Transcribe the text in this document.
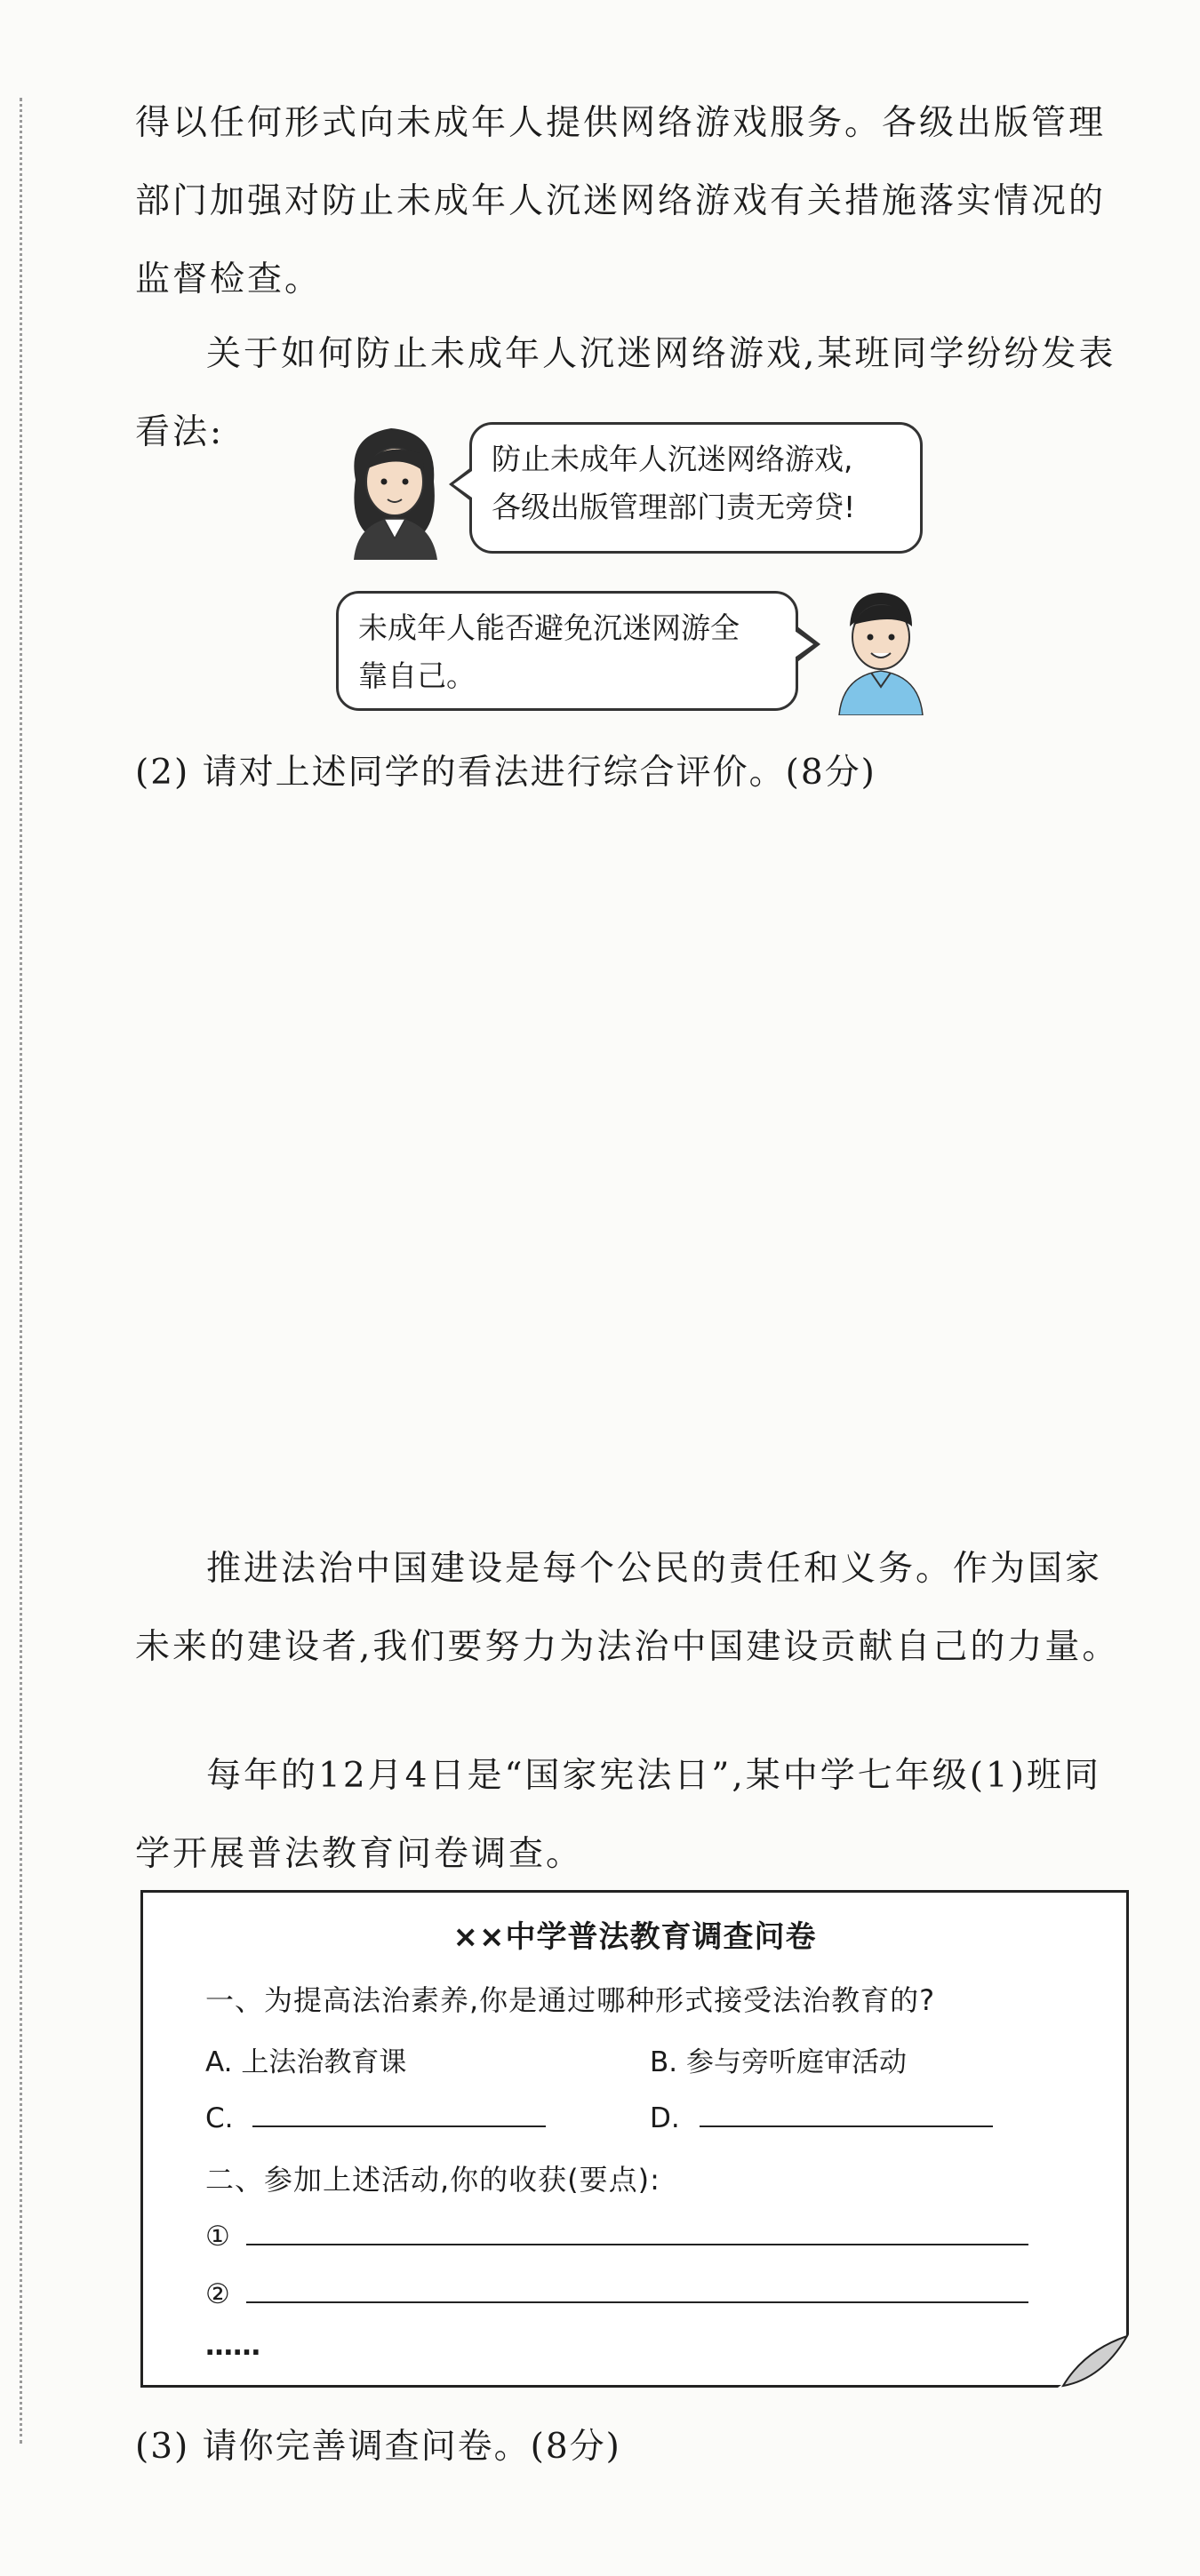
得以任何形式向未成年人提供网络游戏服务。各级出版管理部门加强对防止未成年人沉迷网络游戏有关措施落实情况的监督检查。

关于如何防止未成年人沉迷网络游戏,某班同学纷纷发表看法:

防止未成年人沉迷网络游戏,
各级出版管理部门责无旁贷!
未成年人能否避免沉迷网游全
靠自己。

(2) 请对上述同学的看法进行综合评价。(8分)

推进法治中国建设是每个公民的责任和义务。作为国家未来的建设者,我们要努力为法治中国建设贡献自己的力量。

每年的12月4日是“国家宪法日”,某中学七年级(1)班同学开展普法教育问卷调查。

××中学普法教育调查问卷
一、为提高法治素养,你是通过哪种形式接受法治教育的?
A. 上法治教育课	B. 参与旁听庭审活动
C.	D.
二、参加上述活动,你的收获(要点):
①
②
……

(3) 请你完善调查问卷。(8分)
